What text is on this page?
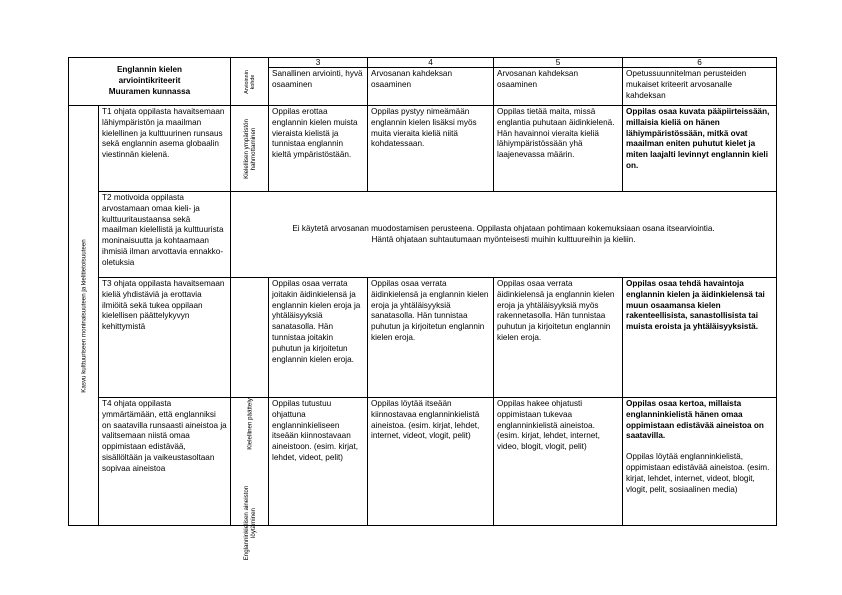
Englannin kielen
arviointikriteerit
Muuramen kunnassa		Arvioinnin kohde	3	4	5	6
			Sanallinen arviointi, hyvä osaaminen	Arvosanan kahdeksan osaaminen	Arvosanan kahdeksan osaaminen	Opetussuunnitelman perusteiden mukaiset kriteerit arvosanalle kahdeksan

Kasvu kulttuuriseen moninaisuuteen ja kielitietoisuuteen	T1 ohjata oppilasta havaitsemaan lähiympäristön ja maailman kielellinen ja kulttuurinen runsaus sekä englannin asema globaalin viestinnän kielenä.	Kielellisen ympäristön hahmottaminen	Oppilas erottaa englannin kielen muista vieraista kielistä ja tunnistaa englannin kieltä ympäristöstään.	Oppilas pystyy nimeämään englannin kielen lisäksi myös muita vieraita kieliä niitä kohdatessaan.	Oppilas tietää maita, missä englantia puhutaan äidinkielenä. Hän havainnoi vieraita kieliä lähiympäristössään yhä laajenevassa määrin.	Oppilas osaa kuvata pääpiirteissään, millaisia kieliä on hänen lähiympäristössään, mitkä ovat maailman eniten puhutut kielet ja miten laajalti levinnyt englannin kieli on.
	T2 motivoida oppilasta arvostamaan omaa kieli- ja kulttuuritaustaansa sekä maailman kielellistä ja kulttuurista moninaisuutta ja kohtaamaan ihmisiä ilman arvottavia ennakko-oletuksia	Ei käytetä arvosanan muodostamisen perusteena. Oppilasta ohjataan pohtimaan kokemuksiaan osana itsearviointia.
Häntä ohjataan suhtautumaan myönteisesti muihin kulttuureihin ja kieliin.				
	T3 ohjata oppilasta havaitsemaan kieliä yhdistäviä ja erottavia ilmiöitä sekä tukea oppilaan kielellisen päättelykyvyn kehittymistä	Kielellinen päättely	Oppilas osaa verrata joitakin äidinkielensä ja englannin kielen eroja ja yhtäläisyyksiä sanatasolla. Hän tunnistaa joitakin puhutun ja kirjoitetun englannin kielen eroja.	Oppilas osaa verrata äidinkielensä ja englannin kielen eroja ja yhtäläisyyksiä sanatasolla. Hän tunnistaa puhutun ja kirjoitetun englannin kielen eroja.	Oppilas osaa verrata äidinkielensä ja englannin kielen eroja ja yhtäläisyyksiä myös rakennetasolla. Hän tunnistaa puhutun ja kirjoitetun englannin kielen eroja.	Oppilas osaa tehdä havaintoja englannin kielen ja äidinkielensä tai muun osaamansa kielen rakenteellisista, sanastollisista tai muista eroista ja yhtäläisyyksistä.
	T4 ohjata oppilasta ymmärtämään, että englanniksi on saatavilla runsaasti aineistoa ja valitsemaan niistä omaa oppimistaan edistävää, sisällöltään ja vaikeustasoltaan sopivaa aineistoa	Englanninkielisen aineiston löytäminen	Oppilas tutustuu ohjattuna englanninkieliseen itseään kiinnostavaan aineistoon. (esim. kirjat, lehdet, videot, pelit)	Oppilas löytää itseään kiinnostavaa englanninkielistä aineistoa. (esim. kirjat, lehdet, internet, videot, vlogit, pelit)	Oppilas hakee ohjatusti oppimistaan tukevaa englanninkielistä aineistoa. (esim. kirjat, lehdet, internet, video, blogit, vlogit, pelit)	Oppilas osaa kertoa, millaista englanninkielistä hänen omaa oppimistaan edistävää aineistoa on saatavilla.
Oppilas löytää englanninkielistä, oppimistaan edistävää aineistoa. (esim. kirjat, lehdet, internet, videot, blogit, vlogit, pelit, sosiaalinen media)
